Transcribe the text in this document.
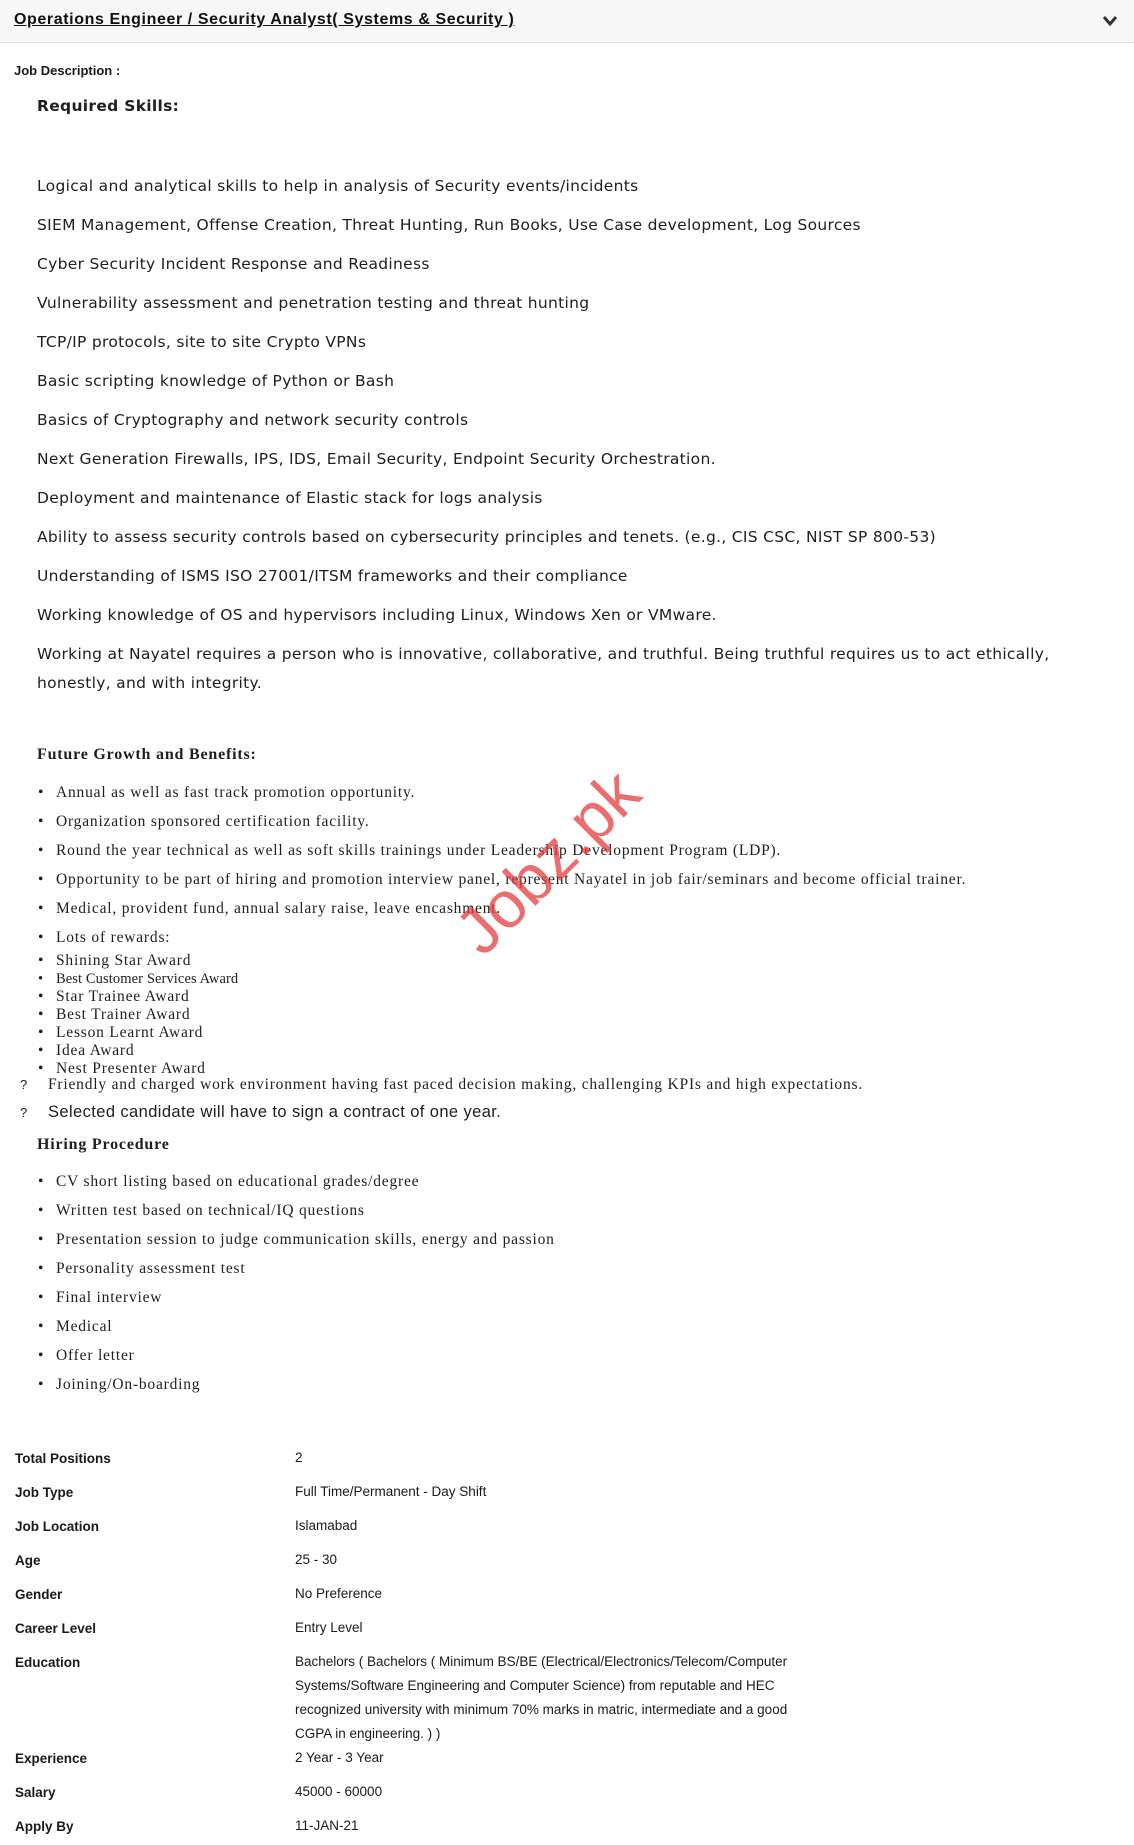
Operations Engineer / Security Analyst( Systems & Security )
Job Description :
Required Skills:
Logical and analytical skills to help in analysis of Security events/incidents
SIEM Management, Offense Creation, Threat Hunting, Run Books, Use Case development, Log Sources
Cyber Security Incident Response and Readiness
Vulnerability assessment and penetration testing and threat hunting
TCP/IP protocols, site to site Crypto VPNs
Basic scripting knowledge of Python or Bash
Basics of Cryptography and network security controls
Next Generation Firewalls, IPS, IDS, Email Security, Endpoint Security Orchestration.
Deployment and maintenance of Elastic stack for logs analysis
Ability to assess security controls based on cybersecurity principles and tenets. (e.g., CIS CSC, NIST SP 800-53)
Understanding of ISMS ISO 27001/ITSM frameworks and their compliance
Working knowledge of OS and hypervisors including Linux, Windows Xen or VMware.
Working at Nayatel requires a person who is innovative, collaborative, and truthful. Being truthful requires us to act ethically, honestly, and with integrity.
Future Growth and Benefits:
• Annual as well as fast track promotion opportunity.
• Organization sponsored certification facility.
• Round the year technical as well as soft skills trainings under Leadership Development Program (LDP).
• Opportunity to be part of hiring and promotion interview panel, represent Nayatel in job fair/seminars and become official trainer.
• Medical, provident fund, annual salary raise, leave encashment.
• Lots of rewards:
• Shining Star Award
• Best Customer Services Award
• Star Trainee Award
• Best Trainer Award
• Lesson Learnt Award
• Idea Award
• Nest Presenter Award
? Friendly and charged work environment having fast paced decision making, challenging KPIs and high expectations.
? Selected candidate will have to sign a contract of one year.
Hiring Procedure
• CV short listing based on educational grades/degree
• Written test based on technical/IQ questions
• Presentation session to judge communication skills, energy and passion
• Personality assessment test
• Final interview
• Medical
• Offer letter
• Joining/On-boarding
Total Positions	2
Job Type	Full Time/Permanent - Day Shift
Job Location	Islamabad
Age	25 - 30
Gender	No Preference
Career Level	Entry Level
Education	Bachelors ( Bachelors ( Minimum BS/BE (Electrical/Electronics/Telecom/Computer Systems/Software Engineering and Computer Science) from reputable and HEC recognized university with minimum 70% marks in matric, intermediate and a good CGPA in engineering. ) )
Experience	2 Year - 3 Year
Salary	45000 - 60000
Apply By	11-JAN-21
Jobz.pk
